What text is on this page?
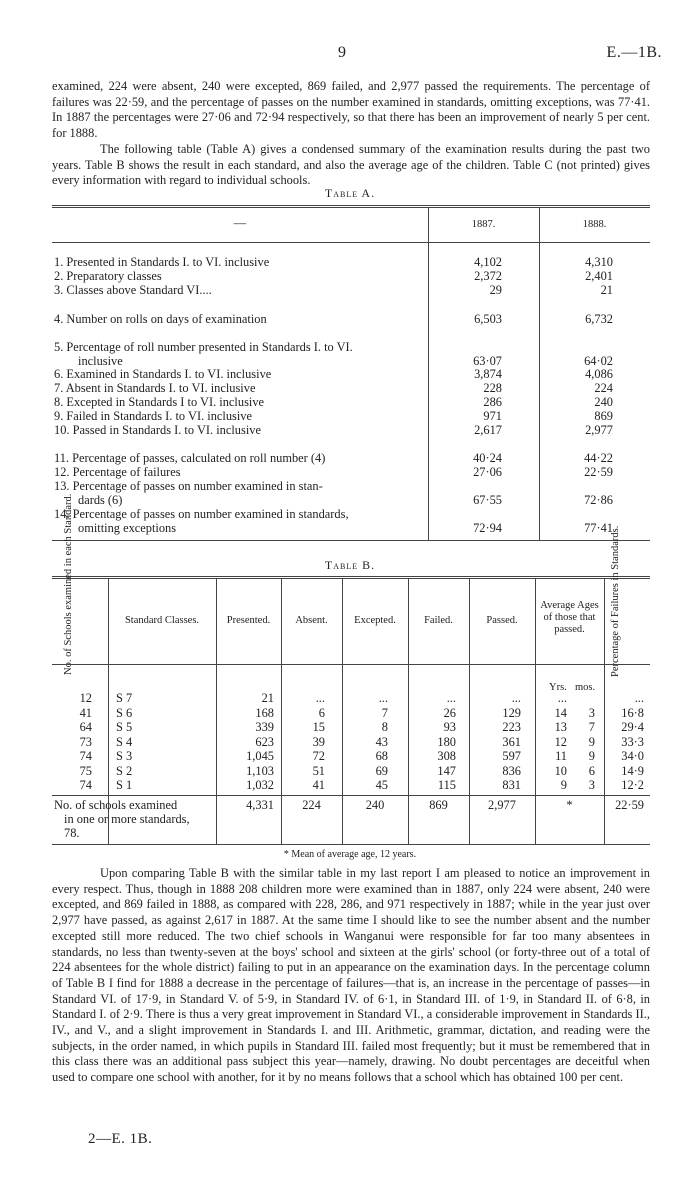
9	E.—1B.

examined, 224 were absent, 240 were excepted, 869 failed, and 2,977 passed the requirements. The percentage of failures was 22·59, and the percentage of passes on the number examined in standards, omitting exceptions, was 77·41. In 1887 the percentages were 27·06 and 72·94 respectively, so that there has been an improvement of nearly 5 per cent. for 1888.

The following table (Table A) gives a condensed summary of the examination results during the past two years. Table B shows the result in each standard, and also the average age of the children. Table C (not printed) gives every information with regard to individual schools.

Table A.
—	1887.	1888.
1. Presented in Standards I. to VI. inclusive	4,102	4,310
2. Preparatory classes	2,372	2,401
3. Classes above Standard VI....	29	21
4. Number on rolls on days of examination	6,503	6,732
5. Percentage of roll number presented in Standards I. to VI.
inclusive	63·07	64·02
6. Examined in Standards I. to VI. inclusive	3,874	4,086
7. Absent in Standards I. to VI. inclusive	228	224
8. Excepted in Standards I to VI. inclusive	286	240
9. Failed in Standards I. to VI. inclusive	971	869
10. Passed in Standards I. to VI. inclusive	2,617	2,977
11. Percentage of passes, calculated on roll number (4)	40·24	44·22
12. Percentage of failures	27·06	22·59
13. Percentage of passes on number examined in stan-
dards (6)	67·55	72·86
14. Percentage of passes on number examined in standards,
omitting exceptions	72·94	77·41
Table B.
No. of Schools examined in each Standard.	Standard Classes.	Presented.	Absent.	Excepted.	Failed.	Passed.
Average Ages of those that passed.	Percentage of Failures in Standards.
Yrs. mos.
12 S 7	21	...	...	...	...	...	...
41 S 6	168	6	7	26	129	14	3	16·8
64 S 5	339	15	8	93	223	13	7	29·4
73 S 4	623	39	43	180	361	12	9	33·3
74 S 3	1,045	72	68	308	597	11	9	34·0
75 S 2	1,103	51	69	147	836	10	6	14·9
74 S 1	1,032	41	45	115	831	9	3	12·2
No. of schools examined
in one or more standards,
78.
4,331	224	240	869	2,977	*	22·59
* Mean of average age, 12 years.

Upon comparing Table B with the similar table in my last report I am pleased to notice an improvement in every respect. Thus, though in 1888 208 children more were examined than in 1887, only 224 were absent, 240 were excepted, and 869 failed in 1888, as compared with 228, 286, and 971 respectively in 1887; while in the year just over 2,977 have passed, as against 2,617 in 1887. At the same time I should like to see the number absent and the number excepted still more reduced. The two chief schools in Wanganui were responsible for far too many absentees in standards, no less than twenty-seven at the boys' school and sixteen at the girls' school (or forty-three out of a total of 224 absentees for the whole district) failing to put in an appearance on the examination days. In the percentage column of Table B I find for 1888 a decrease in the percentage of failures—that is, an increase in the percentage of passes—in Standard VI. of 17·9, in Standard V. of 5·9, in Standard IV. of 6·1, in Standard III. of 1·9, in Standard II. of 6·8, in Standard I. of 2·9. There is thus a very great improvement in Standard VI., a considerable improvement in Standards II., IV., and V., and a slight improvement in Standards I. and III. Arithmetic, grammar, dictation, and reading were the subjects, in the order named, in which pupils in Standard III. failed most frequently; but it must be remembered that in this class there was an additional pass subject this year—namely, drawing. No doubt percentages are deceitful when used to compare one school with another, for it by no means follows that a school which has obtained 100 per cent.

2—E. 1B.
